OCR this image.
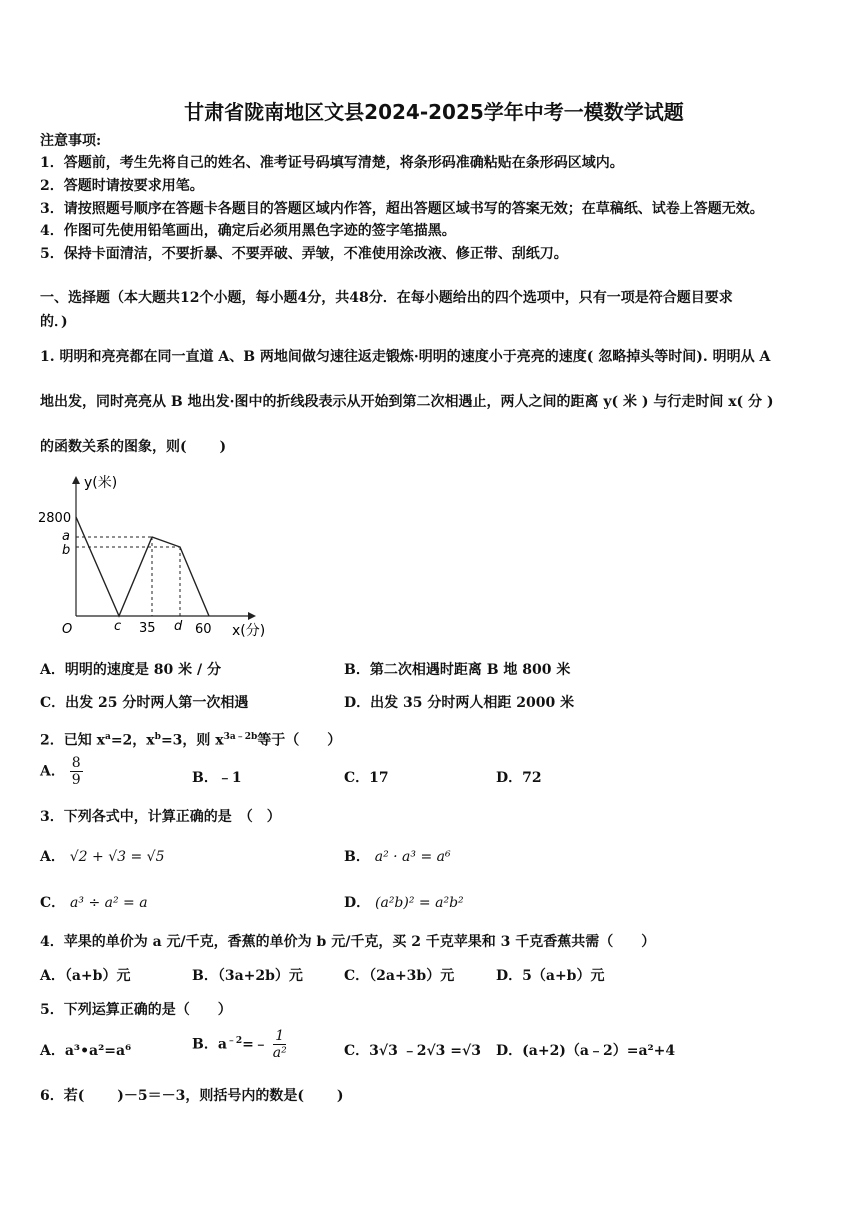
甘肃省陇南地区文县2024-2025学年中考一模数学试题
注意事项:
1．答题前，考生先将自己的姓名、准考证号码填写清楚，将条形码准确粘贴在条形码区域内。
2．答题时请按要求用笔。
3．请按照题号顺序在答题卡各题目的答题区域内作答，超出答题区域书写的答案无效；在草稿纸、试卷上答题无效。
4．作图可先使用铅笔画出，确定后必须用黑色字迹的签字笔描黑。
5．保持卡面清洁，不要折暴、不要弄破、弄皱，不准使用涂改液、修正带、刮纸刀。
一、选择题（本大题共12个小题，每小题4分，共48分．在每小题给出的四个选项中，只有一项是符合题目要求
的．)
1. 明明和亮亮都在同一直道 A、B 两地间做匀速往返走锻炼·明明的速度小于亮亮的速度( 忽略掉头等时间). 明明从 A
地出发，同时亮亮从 B 地出发·图中的折线段表示从开始到第二次相遇止，两人之间的距离 y( 米 ) 与行走时间 x( 分 )
的函数关系的图象，则(　　 )
y(米)
x(分)
2800
a
b
O	c 35 d 60
A．明明的速度是 80 米 / 分	B．第二次相遇时距离 B 地 800 米
C．出发 25 分时两人第一次相遇	D．出发 35 分时两人相距 2000 米
2．已知 $x^a=2$，$x^b=3$，则 $x^{3a﹣2b}$等于（　　）
A． $\frac{8}{9}$	B．﹣1	C．17	D．72
3．下列各式中，计算正确的是　（　）
A． √2 + √3 = √5	B． a² · a³ = a⁶
C． a³ ÷ a² = a	D． (a²b)² = a²b²
4．苹果的单价为 a 元/千克，香蕉的单价为 b 元/千克，买 2 千克苹果和 3 千克香蕉共需（　　）
A．（a+b）元	B．（3a+2b）元	C．（2a+3b）元	D．5（a+b）元
5．下列运算正确的是（　　）
A．a³•a²=a⁶	B．$a^{﹣2}=﹣ \frac{1}{\text{a²}}$	C．3√3 ﹣2√3 =√3 D．(a+2)（a﹣2）=a²+4
6．若(　　 )－5＝－3，则括号内的数是(　　 )
